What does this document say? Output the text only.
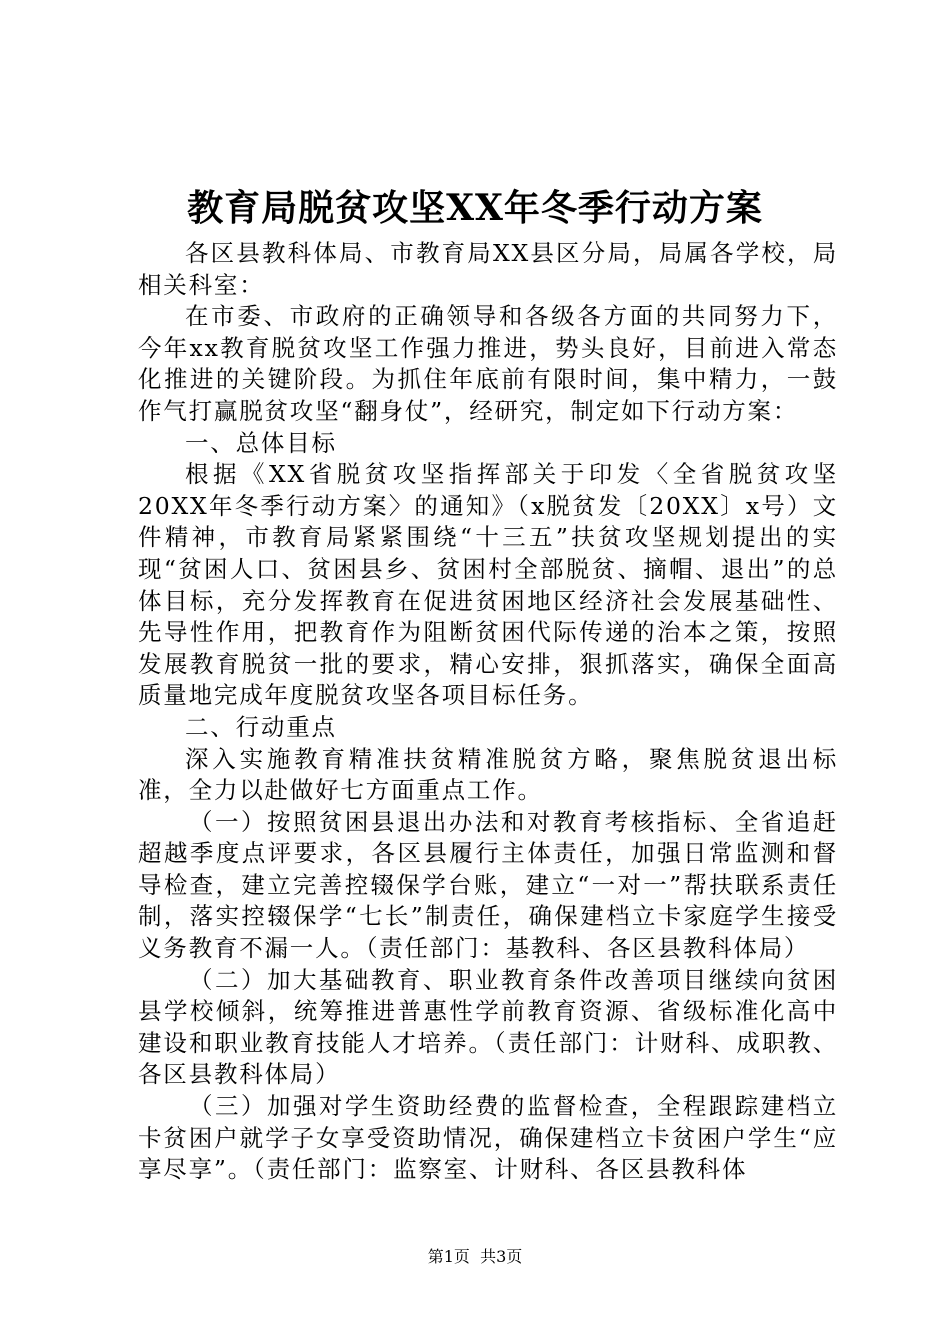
教育局脱贫攻坚XX年冬季行动方案

各区县教科体局、市教育局XX县区分局，局属各学校，局相关科室：

在市委、市政府的正确领导和各级各方面的共同努力下，今年xx教育脱贫攻坚工作强力推进，势头良好，目前进入常态化推进的关键阶段。为抓住年底前有限时间，集中精力，一鼓作气打赢脱贫攻坚“翻身仗”，经研究，制定如下行动方案：

一、总体目标

根据《XX省脱贫攻坚指挥部关于印发〈全省脱贫攻坚20XX年冬季行动方案〉的通知》（x脱贫发〔20XX〕x号）文件精神，市教育局紧紧围绕“十三五”扶贫攻坚规划提出的实现“贫困人口、贫困县乡、贫困村全部脱贫、摘帽、退出”的总体目标，充分发挥教育在促进贫困地区经济社会发展基础性、先导性作用，把教育作为阻断贫困代际传递的治本之策，按照发展教育脱贫一批的要求，精心安排，狠抓落实，确保全面高质量地完成年度脱贫攻坚各项目标任务。

二、行动重点

深入实施教育精准扶贫精准脱贫方略，聚焦脱贫退出标准，全力以赴做好七方面重点工作。

（一）按照贫困县退出办法和对教育考核指标、全省追赶超越季度点评要求，各区县履行主体责任，加强日常监测和督导检查，建立完善控辍保学台账，建立“一对一”帮扶联系责任制，落实控辍保学“七长”制责任，确保建档立卡家庭学生接受义务教育不漏一人。（责任部门：基教科、各区县教科体局）

（二）加大基础教育、职业教育条件改善项目继续向贫困县学校倾斜，统筹推进普惠性学前教育资源、省级标准化高中建设和职业教育技能人才培养。（责任部门：计财科、成职教、各区县教科体局）

（三）加强对学生资助经费的监督检查，全程跟踪建档立卡贫困户就学子女享受资助情况，确保建档立卡贫困户学生“应享尽享”。（责任部门：监察室、计财科、各区县教科体

第1页 共3页
